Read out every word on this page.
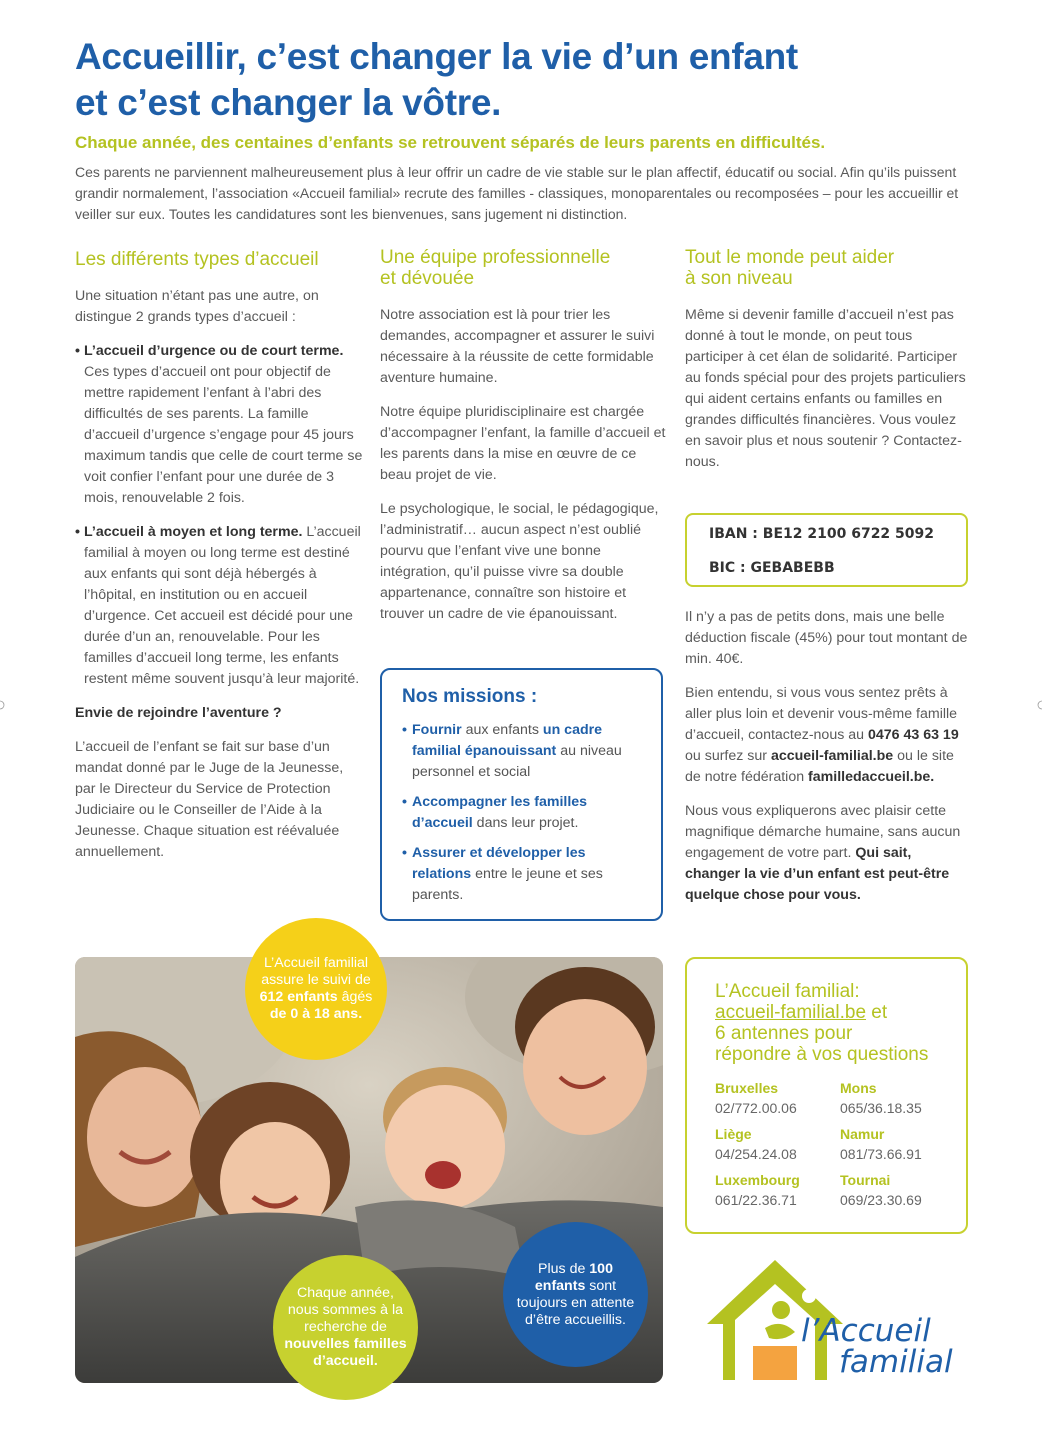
Accueillir, c’est changer la vie d’un enfant
et c’est changer la vôtre.
Chaque année, des centaines d’enfants se retrouvent séparés de leurs parents en difficultés.
Ces parents ne parviennent malheureusement plus à leur offrir un cadre de vie stable sur le plan affectif, éducatif ou social. Afin qu’ils puissent grandir normalement, l’association «Accueil familial» recrute des familles - classiques, monoparentales ou recomposées – pour les accueillir et veiller sur eux. Toutes les candidatures sont les bienvenues, sans jugement ni distinction.
Les différents types d’accueil

Une situation n’étant pas une autre, on distingue 2 grands types d’accueil :

• L’accueil d’urgence ou de court terme. Ces types d’accueil ont pour objectif de mettre rapidement l’enfant à l’abri des difficultés de ses parents. La famille d’accueil d’urgence s’engage pour 45 jours maximum tandis que celle de court terme se voit confier l’enfant pour une durée de 3 mois, renouvelable 2 fois.
• L’accueil à moyen et long terme. L’accueil familial à moyen ou long terme est destiné aux enfants qui sont déjà hébergés à l’hôpital, en institution ou en accueil d’urgence. Cet accueil est décidé pour une durée d’un an, renouvelable. Pour les familles d’accueil long terme, les enfants restent même souvent jusqu’à leur majorité.

Envie de rejoindre l’aventure ?

L’accueil de l’enfant se fait sur base d’un mandat donné par le Juge de la Jeunesse, par le Directeur du Service de Protection Judiciaire ou le Conseiller de l’Aide à la Jeunesse. Chaque situation est réévaluée annuellement.

Une équipe professionnelle
et dévouée

Notre association est là pour trier les demandes, accompagner et assurer le suivi nécessaire à la réussite de cette formidable aventure humaine.

Notre équipe pluridisciplinaire est chargée d’accompagner l’enfant, la famille d’accueil et les parents dans la mise en œuvre de ce beau projet de vie.

Le psychologique, le social, le pédagogique, l’administratif… aucun aspect n’est oublié pourvu que l’enfant vive une bonne intégration, qu’il puisse vivre sa double appartenance, connaître son histoire et trouver un cadre de vie épanouissant.

Nos missions :
• Fournir aux enfants un cadre familial épanouissant au niveau personnel et social
• Accompagner les familles d’accueil dans leur projet.
• Assurer et développer les relations entre le jeune et ses parents.
Tout le monde peut aider
à son niveau

Même si devenir famille d’accueil n’est pas donné à tout le monde, on peut tous participer à cet élan de solidarité. Participer au fonds spécial pour des projets particuliers qui aident certains enfants ou familles en grandes difficultés financières. Vous voulez en savoir plus et nous soutenir ? Contactez-nous.

IBAN : BE12 2100 6722 5092
BIC : GEBABEBB

Il n’y a pas de petits dons, mais une belle déduction fiscale (45%) pour tout montant de min. 40€.

Bien entendu, si vous vous sentez prêts à aller plus loin et devenir vous-même famille d’accueil, contactez-nous au 0476 43 63 19 ou surfez sur accueil-familial.be ou le site de notre fédération familledaccueil.be.

Nous vous expliquerons avec plaisir cette magnifique démarche humaine, sans aucun engagement de votre part. Qui sait, changer la vie d’un enfant est peut-être quelque chose pour vous.

L’Accueil familial assure le suivi de 612 enfants âgés de 0 à 18 ans.
Chaque année, nous sommes à la recherche de nouvelles familles d’accueil.
Plus de 100 enfants sont toujours en attente d’être accueillis.
L’Accueil familial:
accueil-familial.be et
6 antennes pour
répondre à vos questions
Bruxelles
02/772.00.06
Mons
065/36.18.35
Liège
04/254.24.08
Namur
081/73.66.91
Luxembourg
061/22.36.71
Tournai
069/23.30.69
l’Accueil
familial
